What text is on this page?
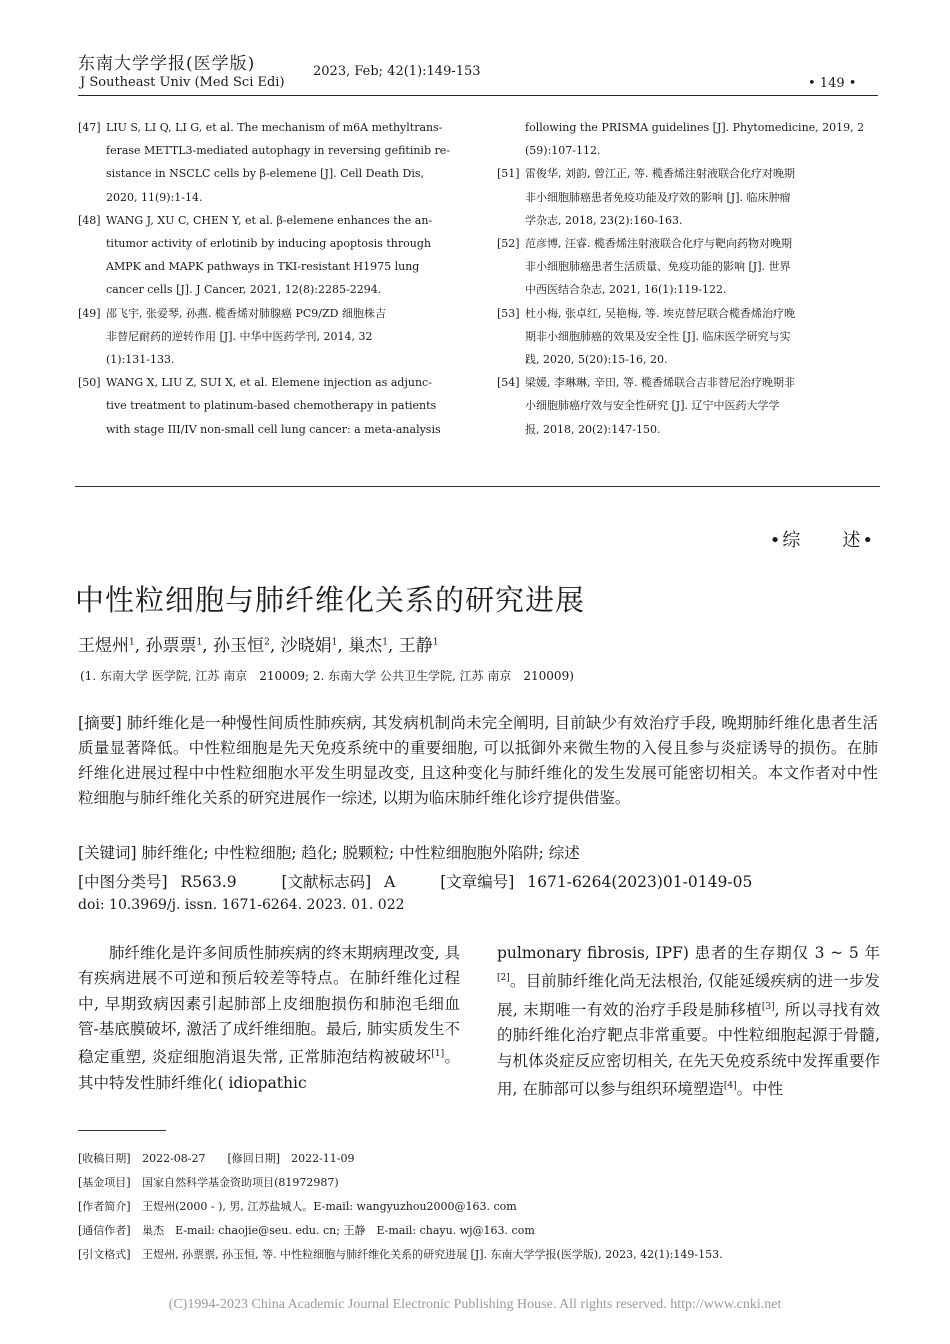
东南大学学报(医学版)
J Southeast Univ (Med Sci Edi)
2023, Feb; 42(1):149-153
• 149 •
[47] LIU S, LI Q, LI G, et al. The mechanism of m6A methyltrans-
ferase METTL3-mediated autophagy in reversing gefitinib re-
sistance in NSCLC cells by β-elemene [J]. Cell Death Dis,
2020, 11(9):1-14.
[48] WANG J, XU C, CHEN Y, et al. β-elemene enhances the an-
titumor activity of erlotinib by inducing apoptosis through
AMPK and MAPK pathways in TKI-resistant H1975 lung
cancer cells [J]. J Cancer, 2021, 12(8):2285-2294.
[49] 邵飞宇, 张爱琴, 孙燕. 榄香烯对肺腺癌 PC9/ZD 细胞株吉
非替尼耐药的逆转作用 [J]. 中华中医药学刊, 2014, 32
(1):131-133.
[50] WANG X, LIU Z, SUI X, et al. Elemene injection as adjunc-
tive treatment to platinum-based chemotherapy in patients
with stage III/IV non-small cell lung cancer: a meta-analysis
following the PRISMA guidelines [J]. Phytomedicine, 2019, 2
(59):107-112.
[51] 雷俊华, 刘韵, 曾江正, 等. 榄香烯注射液联合化疗对晚期
非小细胞肺癌患者免疫功能及疗效的影响 [J]. 临床肿瘤
学杂志, 2018, 23(2):160-163.
[52] 范彦博, 汪睿. 榄香烯注射液联合化疗与靶向药物对晚期
非小细胞肺癌患者生活质量、免疫功能的影响 [J]. 世界
中西医结合杂志, 2021, 16(1):119-122.
[53] 杜小梅, 张卓红, 吴艳梅, 等. 埃克替尼联合榄香烯治疗晚
期非小细胞肺癌的效果及安全性 [J]. 临床医学研究与实
践, 2020, 5(20):15-16, 20.
[54] 梁媛, 李琳琳, 辛田, 等. 榄香烯联合吉非替尼治疗晚期非
小细胞肺癌疗效与安全性研究 [J]. 辽宁中医药大学学
报, 2018, 20(2):147-150.
•综　　述•
中性粒细胞与肺纤维化关系的研究进展
王煜州$^1$, 孙票票$^1$, 孙玉恒$^2$, 沙晓娟$^1$, 巢杰$^1$, 王静$^1$
(1. 东南大学 医学院, 江苏 南京　210009; 2. 东南大学 公共卫生学院, 江苏 南京　210009)
[摘要] 肺纤维化是一种慢性间质性肺疾病, 其发病机制尚未完全阐明, 目前缺少有效治疗手段, 晚期肺纤维化患者生活质量显著降低。中性粒细胞是先天免疫系统中的重要细胞, 可以抵御外来微生物的入侵且参与炎症诱导的损伤。在肺纤维化进展过程中中性粒细胞水平发生明显改变, 且这种变化与肺纤维化的发生发展可能密切相关。本文作者对中性粒细胞与肺纤维化关系的研究进展作一综述, 以期为临床肺纤维化诊疗提供借鉴。
[关键词] 肺纤维化; 中性粒细胞; 趋化; 脱颗粒; 中性粒细胞胞外陷阱; 综述
[中图分类号] R563.9	[文献标志码] A	[文章编号] 1671-6264(2023)01-0149-05
doi: 10.3969/j. issn. 1671-6264. 2023. 01. 022
肺纤维化是许多间质性肺疾病的终末期病理改变, 具有疾病进展不可逆和预后较差等特点。在肺纤维化过程中, 早期致病因素引起肺部上皮细胞损伤和肺泡毛细血管-基底膜破坏, 激活了成纤维细胞。最后, 肺实质发生不稳定重塑, 炎症细胞消退失常, 正常肺泡结构被破坏[1]。其中特发性肺纤维化( idiopathic
pulmonary fibrosis, IPF) 患者的生存期仅 3 ~ 5 年[2]。目前肺纤维化尚无法根治, 仅能延缓疾病的进一步发展, 末期唯一有效的治疗手段是肺移植[3], 所以寻找有效的肺纤维化治疗靶点非常重要。中性粒细胞起源于骨髓, 与机体炎症反应密切相关, 在先天免疫系统中发挥重要作用, 在肺部可以参与组织环境塑造[4]。中性
[收稿日期] 2022-08-27　　[修回日期]　2022-11-09
[基金项目] 国家自然科学基金资助项目(81972987)
[作者简介] 王煜州(2000 - ), 男, 江苏盐城人。E-mail: wangyuzhou2000@163. com
[通信作者] 巢杰　E-mail: chaojie@seu. edu. cn; 王静　E-mail: chayu. wj@163. com
[引文格式] 王煜州, 孙票票, 孙玉恒, 等. 中性粒细胞与肺纤维化关系的研究进展 [J]. 东南大学学报(医学版), 2023, 42(1):149-153.
(C)1994-2023 China Academic Journal Electronic Publishing House. All rights reserved. http://www.cnki.net
